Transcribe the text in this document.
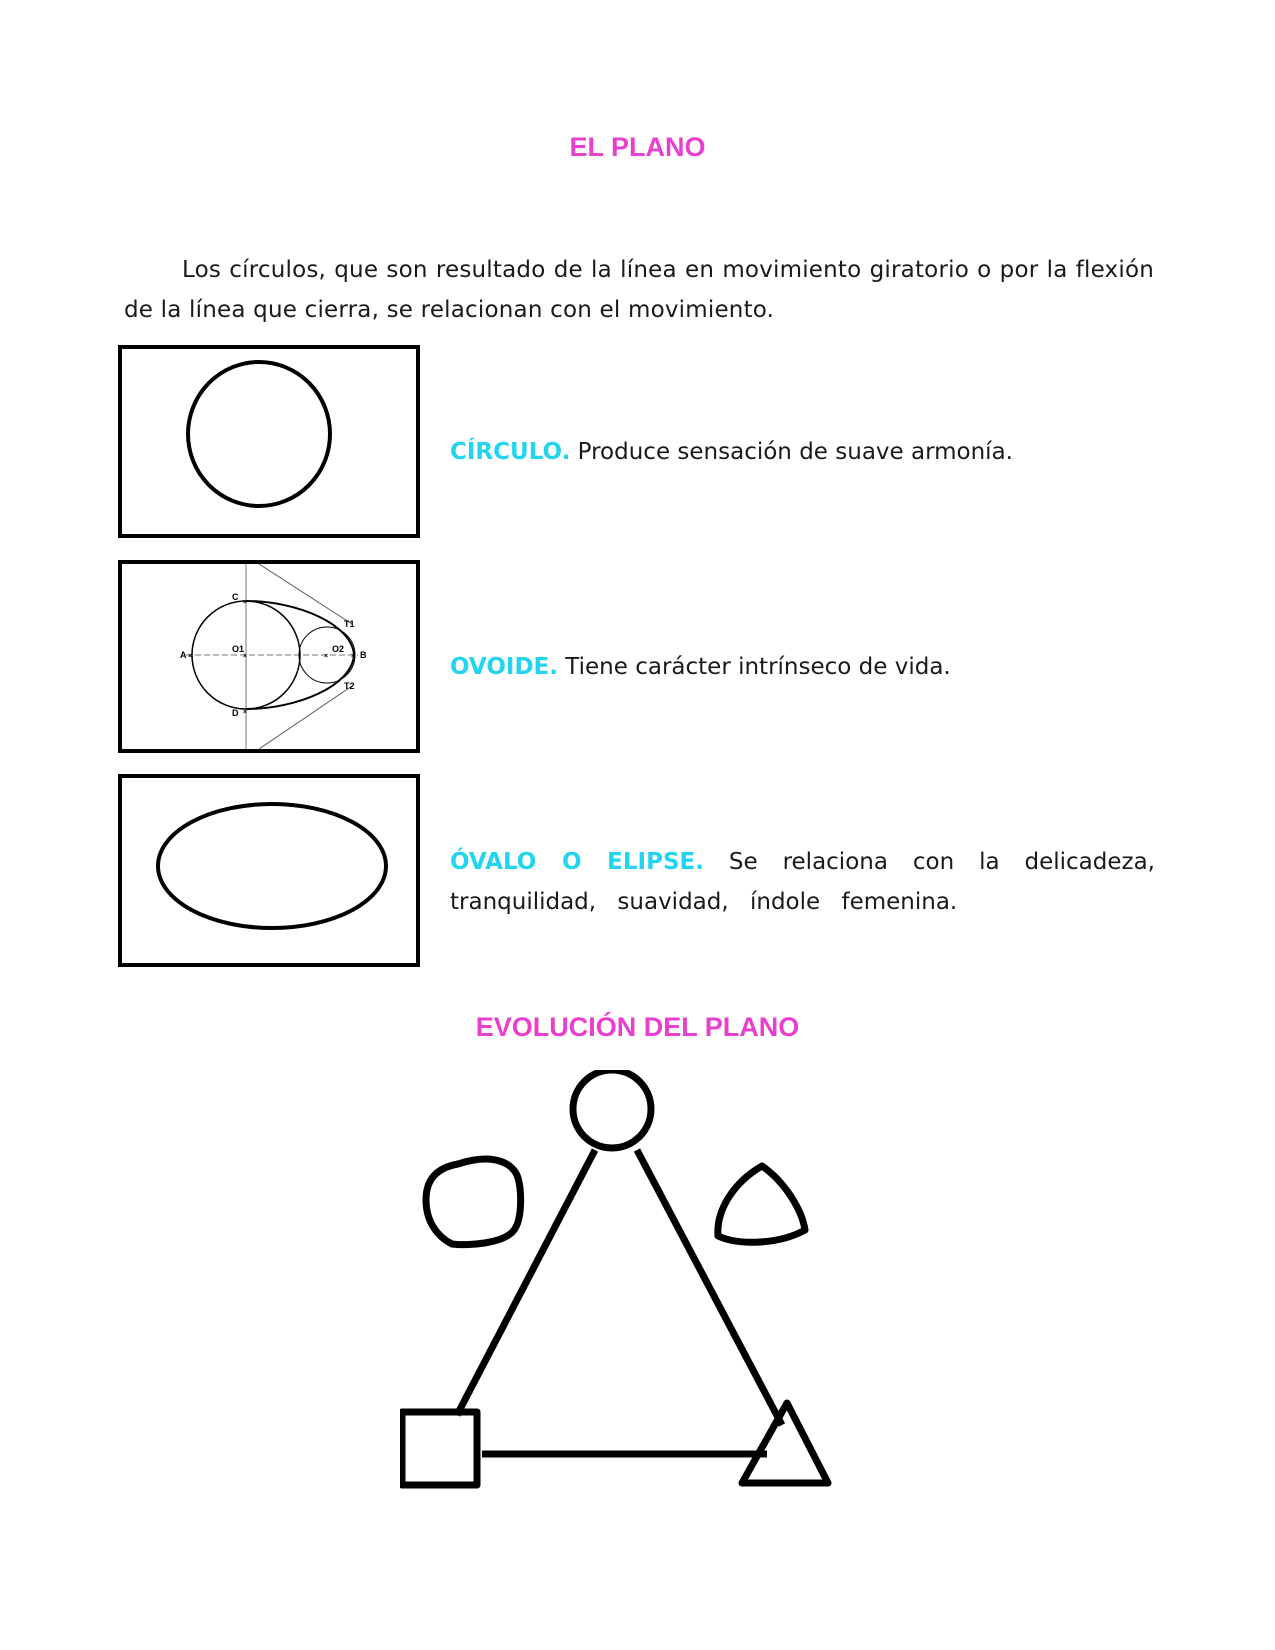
EL PLANO

Los círculos, que son resultado de la línea en movimiento giratorio o por la flexión de la línea que cierra, se relacionan con el movimiento.

CÍRCULO. Produce sensación de suave armonía.

×
×
×	×
×	×
C
A
O1	O2
T1
B
T2
D

OVOIDE. Tiene carácter intrínseco de vida.

ÓVALO O ELIPSE. Se relaciona con la delicadeza, tranquilidad, suavidad, índole femenina.

EVOLUCIÓN DEL PLANO
